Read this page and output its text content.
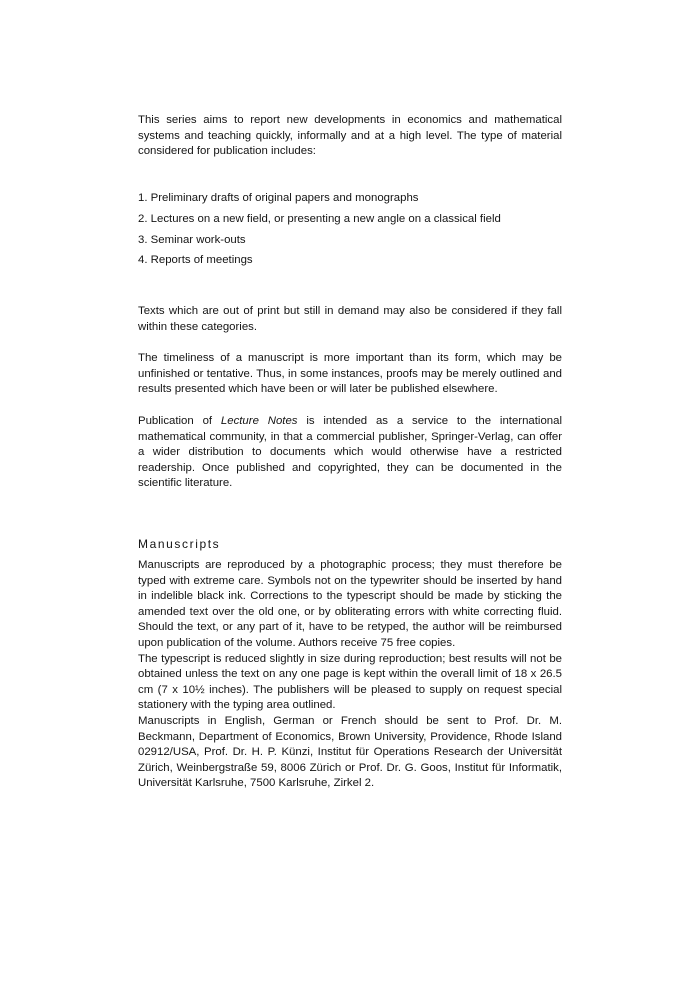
This series aims to report new developments in economics and mathematical systems and teaching quickly, informally and at a high level. The type of material considered for publication includes:

1. Preliminary drafts of original papers and monographs
2. Lectures on a new field, or presenting a new angle on a classical field
3. Seminar work-outs
4. Reports of meetings

Texts which are out of print but still in demand may also be considered if they fall within these categories.

The timeliness of a manuscript is more important than its form, which may be unfinished or tentative. Thus, in some instances, proofs may be merely outlined and results presented which have been or will later be published elsewhere.

Publication of Lecture Notes is intended as a service to the international mathematical community, in that a commercial publisher, Springer-Verlag, can offer a wider distribution to documents which would otherwise have a restricted readership. Once published and copyrighted, they can be documented in the scientific literature.

Manuscripts

Manuscripts are reproduced by a photographic process; they must therefore be typed with extreme care. Symbols not on the typewriter should be inserted by hand in indelible black ink. Corrections to the typescript should be made by sticking the amended text over the old one, or by obliterating errors with white correcting fluid. Should the text, or any part of it, have to be retyped, the author will be reimbursed upon publication of the volume. Authors receive 75 free copies.

The typescript is reduced slightly in size during reproduction; best results will not be obtained unless the text on any one page is kept within the overall limit of 18 x 26.5 cm (7 x 10½ inches). The publishers will be pleased to supply on request special stationery with the typing area outlined.

Manuscripts in English, German or French should be sent to Prof. Dr. M. Beckmann, Department of Economics, Brown University, Providence, Rhode Island 02912/USA, Prof. Dr. H. P. Künzi, Institut für Operations Research der Universität Zürich, Weinbergstraße 59, 8006 Zürich or Prof. Dr. G. Goos, Institut für Informatik, Universität Karlsruhe, 7500 Karlsruhe, Zirkel 2.
